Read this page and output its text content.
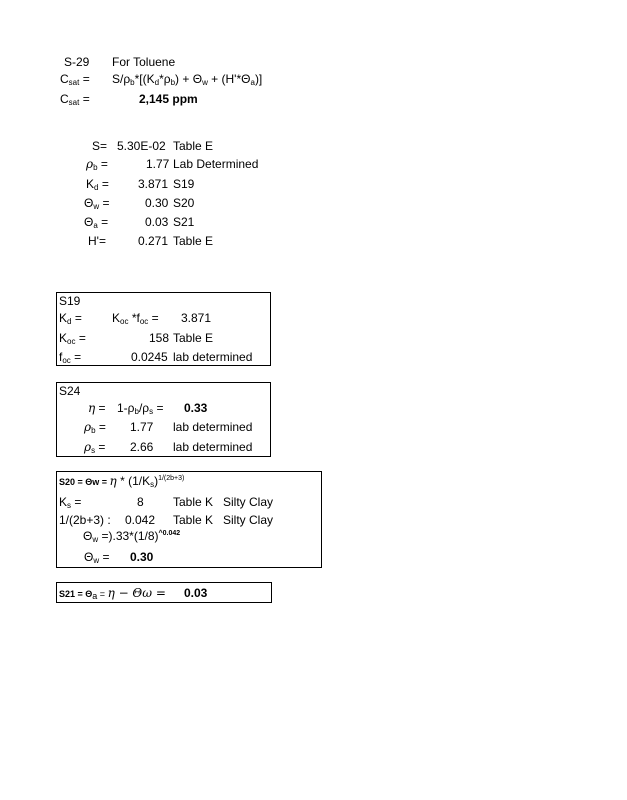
S-29 For Toluene
$C_{sat} = S/\rho_b*[(K_d*\rho_b) + \Theta_w + (H'*\Theta_a)]$
$C_{sat}$ =	2,145 ppm
S= 5.30E-02 Table E
$\rho_b$ =	1.77 Lab Determined
$K_d = 3.871$ S19
$\Theta_w$ =	0.30 S20
$\Theta_a$ =	0.03 S21
H'=	0.271 Table E
S19
$K_d$ =	$K_{oc}$ $*f_{oc} = 3.871$
$K_{oc}$ =	158 Table E
$f_{oc}$ =	0.0245 lab determined
S24
$\eta = 1-\rho_b/\rho_s = 0.33$
$\rho_b = 1.77$ lab determined
$\rho_s = 2.66$ lab determined
$S20 = \Theta w = \eta * (1/K_s)^{1/(2b+3)}$
$K_s$ =	8 Table K Silty Clay
1/(2b+3) : 0.042 Table K Silty Clay
$\Theta_w =).33*(1/8)^{\^{}0.042}$
$\Theta_w = 0.30$
$S21 = \Theta_a = \eta - \Theta\omega = 0.03$
